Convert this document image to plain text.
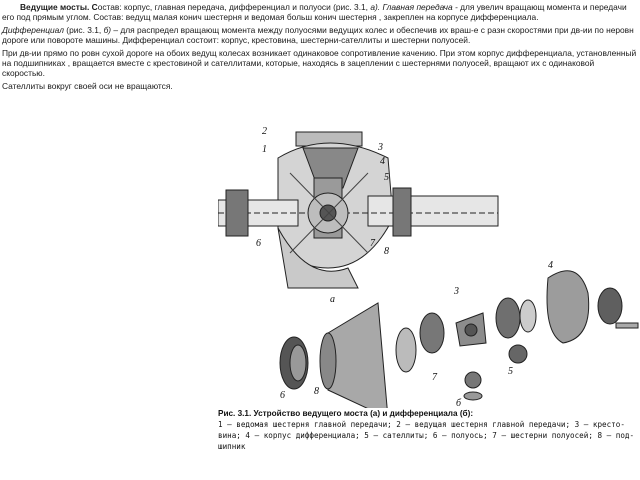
Ведущие мосты. Состав: корпус, главная передача, дифференциал и полуоси (рис. 3.1, а). Главная передача - для увелич вращающ момента и передачи его под прямым углом. Состав: ведущ малая конич шестерня и ведомая больш конич шестерня , закреплен на корпусе дифференциала.

Дифференциал (рис. 3.1, б) – для распредел вращающ момента между полуосями ведущих колес и обеспечив их враш-е с разн скоростями при дв-ии по неровн дороге или повороте машины. Дифференциал состоит: корпус, крестовина, шестерни-сателлиты и шестерни полуосей.

При дв-ии прямо по ровн сухой дороге на обоих ведущ колесах возникает одинаковое сопротивление качению. При этом корпус дифференциала, установленный на подшипниках , вращается вместе с крестовиной и сателлитами, которые, находясь в зацеплении с шестернями полуосей, вращают их с одинаковой скоростью.

Сателлиты вокруг своей оси не вращаются.

2
1	3
4
5
6	7
8
а
3
4
5
6
7
8
б
Рис. 3.1. Устройство ведущего моста (а) и дифференциала (б):
1 — ведомая шестерня главной передачи; 2 — ведущая шестерня главной передачи; 3 — кресто-
вина; 4 — корпус дифференциала; 5 — сателлиты; 6 — полуось; 7 — шестерни полуосей; 8 — под-
шипник
